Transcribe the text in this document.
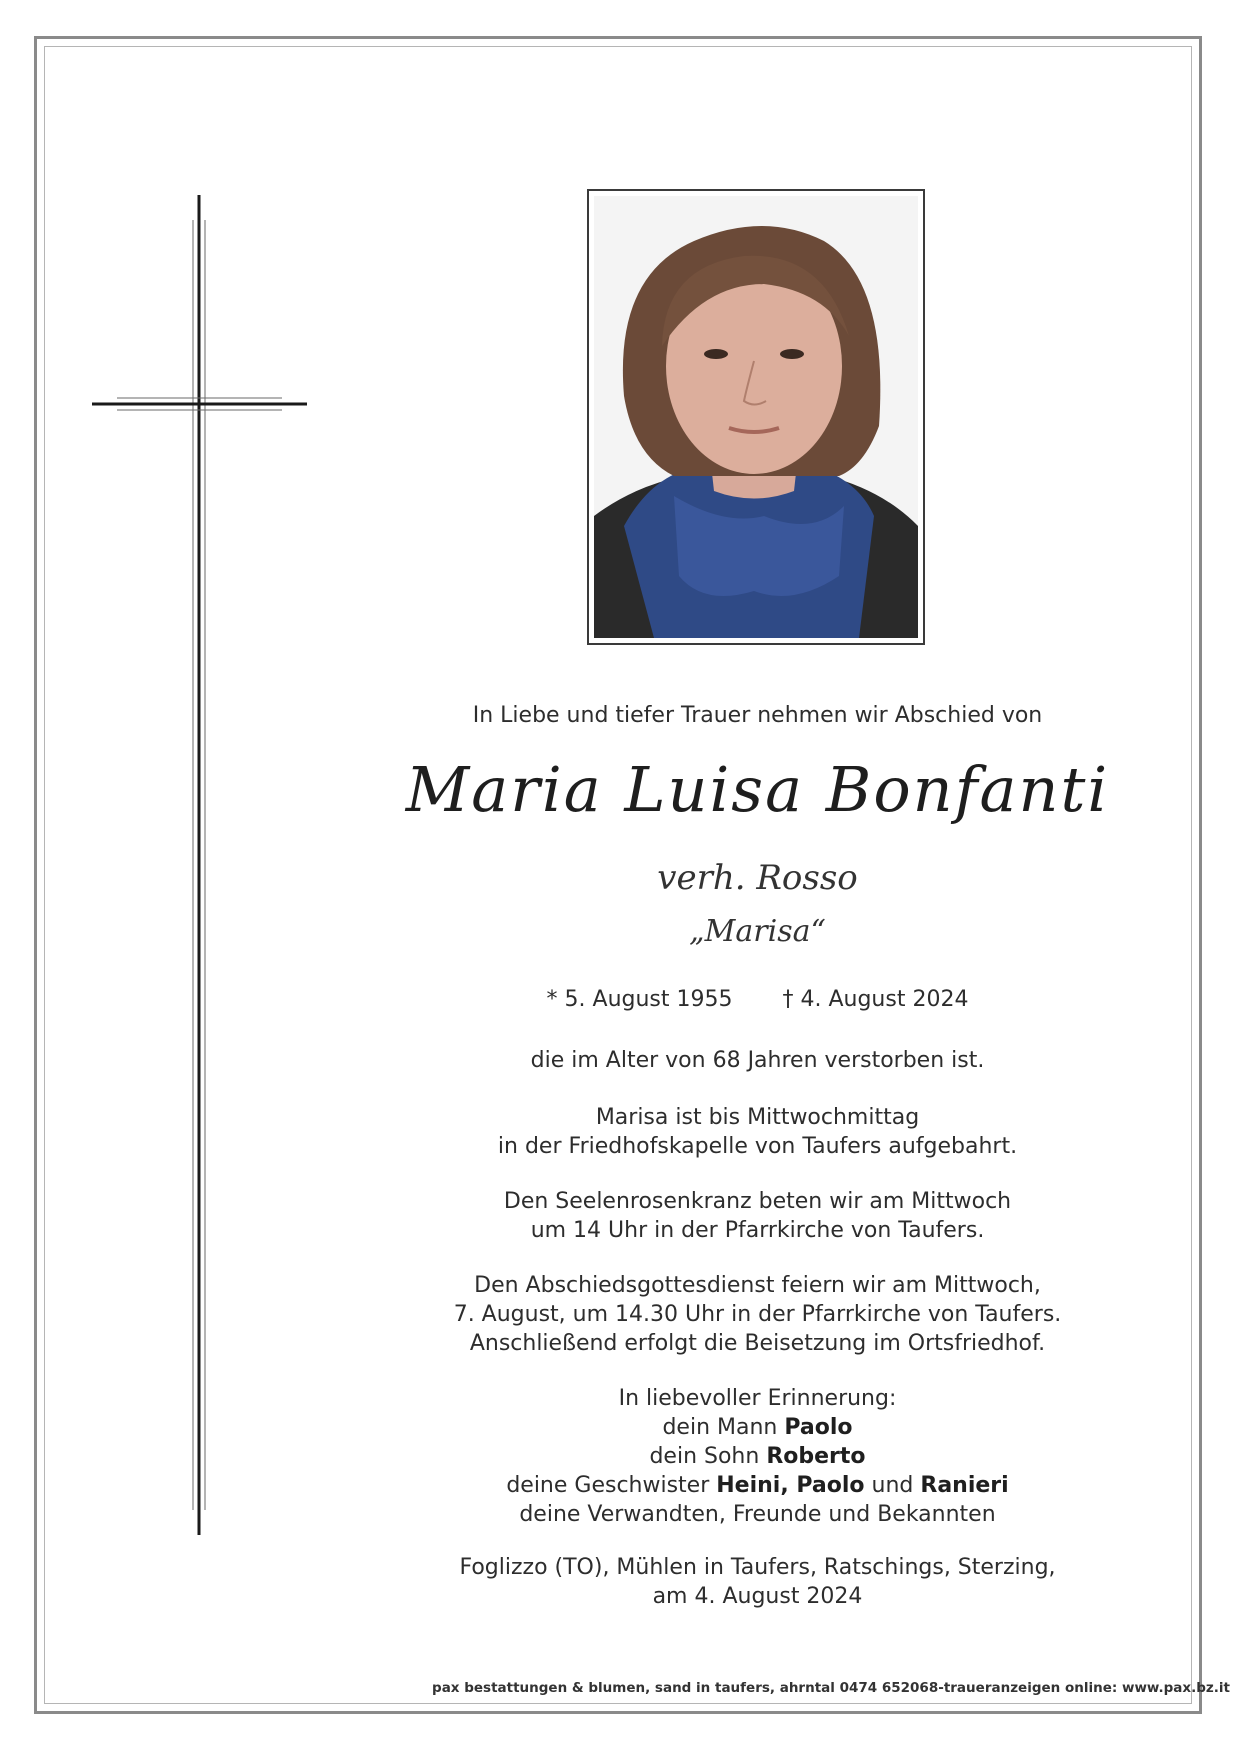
In Liebe und tiefer Trauer nehmen wir Abschied von
Maria Luisa Bonfanti
verh. Rosso
„Marisa“
* 5. August 1955 † 4. August 2024
die im Alter von 68 Jahren verstorben ist.
Marisa ist bis Mittwochmittag
in der Friedhofskapelle von Taufers aufgebahrt.
Den Seelenrosenkranz beten wir am Mittwoch
um 14 Uhr in der Pfarrkirche von Taufers.
Den Abschiedsgottesdienst feiern wir am Mittwoch,
7. August, um 14.30 Uhr in der Pfarrkirche von Taufers.
Anschließend erfolgt die Beisetzung im Ortsfriedhof.
In liebevoller Erinnerung:
dein Mann Paolo
dein Sohn Roberto
deine Geschwister Heini, Paolo und Ranieri
deine Verwandten, Freunde und Bekannten
Foglizzo (TO), Mühlen in Taufers, Ratschings, Sterzing,
am 4. August 2024
pax bestattungen & blumen, sand in taufers, ahrntal 0474 652068-traueranzeigen online: www.pax.bz.it
